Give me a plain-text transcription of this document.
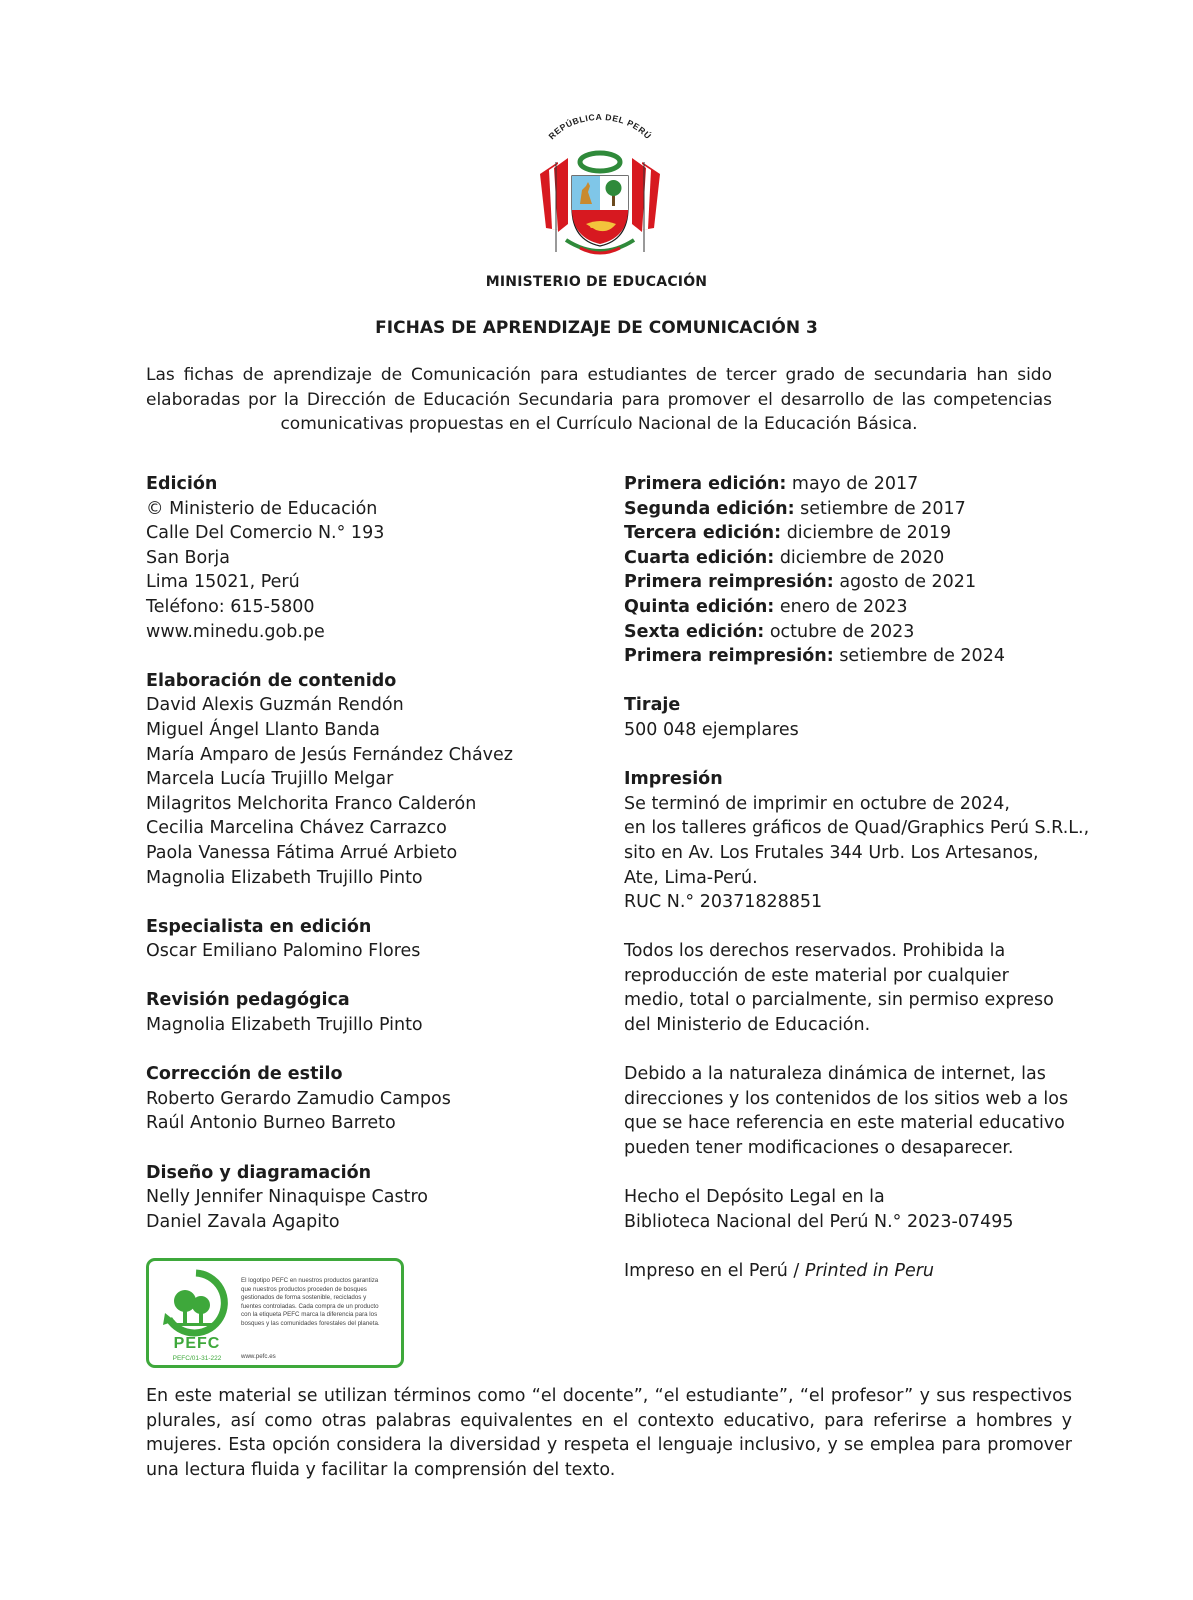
REPÚBLICA DEL PERÚ
MINISTERIO DE EDUCACIÓN
FICHAS DE APRENDIZAJE DE COMUNICACIÓN 3
Las fichas de aprendizaje de Comunicación para estudiantes de tercer grado de secundaria han sido elaboradas por la Dirección de Educación Secundaria para promover el desarrollo de las competencias comunicativas propuestas en el Currículo Nacional de la Educación Básica.
Edición
© Ministerio de Educación
Calle Del Comercio N.° 193
San Borja
Lima 15021, Perú
Teléfono: 615-5800
www.minedu.gob.pe
Elaboración de contenido
David Alexis Guzmán Rendón
Miguel Ángel Llanto Banda
María Amparo de Jesús Fernández Chávez
Marcela Lucía Trujillo Melgar
Milagritos Melchorita Franco Calderón
Cecilia Marcelina Chávez Carrazco
Paola Vanessa Fátima Arrué Arbieto
Magnolia Elizabeth Trujillo Pinto
Especialista en edición
Oscar Emiliano Palomino Flores
Revisión pedagógica
Magnolia Elizabeth Trujillo Pinto
Corrección de estilo
Roberto Gerardo Zamudio Campos
Raúl Antonio Burneo Barreto
Diseño y diagramación
Nelly Jennifer Ninaquispe Castro
Daniel Zavala Agapito
Primera edición: mayo de 2017
Segunda edición: setiembre de 2017
Tercera edición: diciembre de 2019
Cuarta edición: diciembre de 2020
Primera reimpresión: agosto de 2021
Quinta edición: enero de 2023
Sexta edición: octubre de 2023
Primera reimpresión: setiembre de 2024
Tiraje
500 048 ejemplares
Impresión
Se terminó de imprimir en octubre de 2024,
en los talleres gráficos de Quad/Graphics Perú S.R.L.,
sito en Av. Los Frutales 344 Urb. Los Artesanos,
Ate, Lima-Perú.
RUC N.° 20371828851
Todos los derechos reservados. Prohibida la
reproducción de este material por cualquier
medio, total o parcialmente, sin permiso expreso
del Ministerio de Educación.
Debido a la naturaleza dinámica de internet, las
direcciones y los contenidos de los sitios web a los
que se hace referencia en este material educativo
pueden tener modificaciones o desaparecer.
Hecho el Depósito Legal en la
Biblioteca Nacional del Perú N.° 2023-07495
Impreso en el Perú / Printed in Peru
PEFC
PEFC/01-31-222
El logotipo PEFC en nuestros productos garantiza
que nuestros productos proceden de bosques
gestionados de forma sostenible, reciclados y
fuentes controladas. Cada compra de un producto
con la etiqueta PEFC marca la diferencia para los
bosques y las comunidades forestales del planeta.
www.pefc.es
En este material se utilizan términos como “el docente”, “el estudiante”, “el profesor” y sus respectivos plurales, así como otras palabras equivalentes en el contexto educativo, para referirse a hombres y mujeres. Esta opción considera la diversidad y respeta el lenguaje inclusivo, y se emplea para promover una lectura fluida y facilitar la comprensión del texto.
